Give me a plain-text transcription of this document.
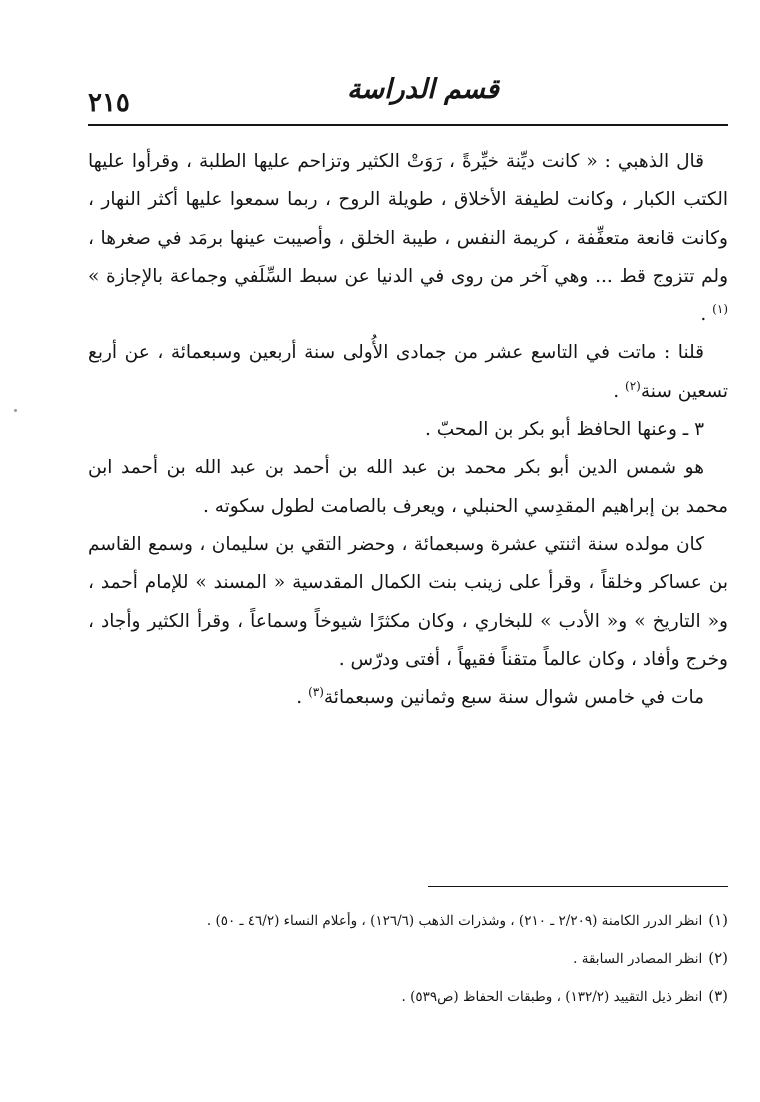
٢١٥	قسم الدراسة

قال الذهبي : « كانت ديِّنة خيِّرةً ، رَوَتْ الكثير وتزاحم عليها الطلبة ، وقرأوا عليها الكتب الكبار ، وكانت لطيفة الأخلاق ، طويلة الروح ، ربما سمعوا عليها أكثر النهار ، وكانت قانعة متعفِّفة ، كريمة النفس ، طيبة الخلق ، وأصيبت عينها برمَد في صغرها ، ولم تتزوج قط ... وهي آخر من روى في الدنيا عن سبط السِّلَفي وجماعة بالإجازة » $^{(١)}$ .

قلنا : ماتت في التاسع عشر من جمادى الأُولى سنة أربعين وسبعمائة ، عن أربع تسعين سنة$^{(٢)}$ .

٣ ـ وعنها الحافظ أبو بكر بن المحبّ .

هو شمس الدين أبو بكر محمد بن عبد الله بن أحمد بن عبد الله بن أحمد ابن محمد بن إبراهيم المقدِسي الحنبلي ، ويعرف بالصامت لطول سكوته .

كان مولده سنة اثنتي عشرة وسبعمائة ، وحضر التقي بن سليمان ، وسمع القاسم بن عساكر وخلقاً ، وقرأ على زينب بنت الكمال المقدسية « المسند » للإمام أحمد ، و« التاريخ » و« الأدب » للبخاري ، وكان مكثرًا شيوخاً وسماعاً ، وقرأ الكثير وأجاد ، وخرج وأفاد ، وكان عالماً متقناً فقيهاً ، أفتى ودرّس .

مات في خامس شوال سنة سبع وثمانين وسبعمائة$^{(٣)}$ .

(١)انظر الدرر الكامنة (٢/٢٠٩ ـ ٢١٠) ، وشذرات الذهب (١٢٦/٦) ، وأعلام النساء (٤٦/٢ ـ ٥٠) .

(٢)انظر المصادر السابقة .

(٣)انظر ذيل التقييد (١٣٢/٢) ، وطبقات الحفاظ (ص٥٣٩) .
